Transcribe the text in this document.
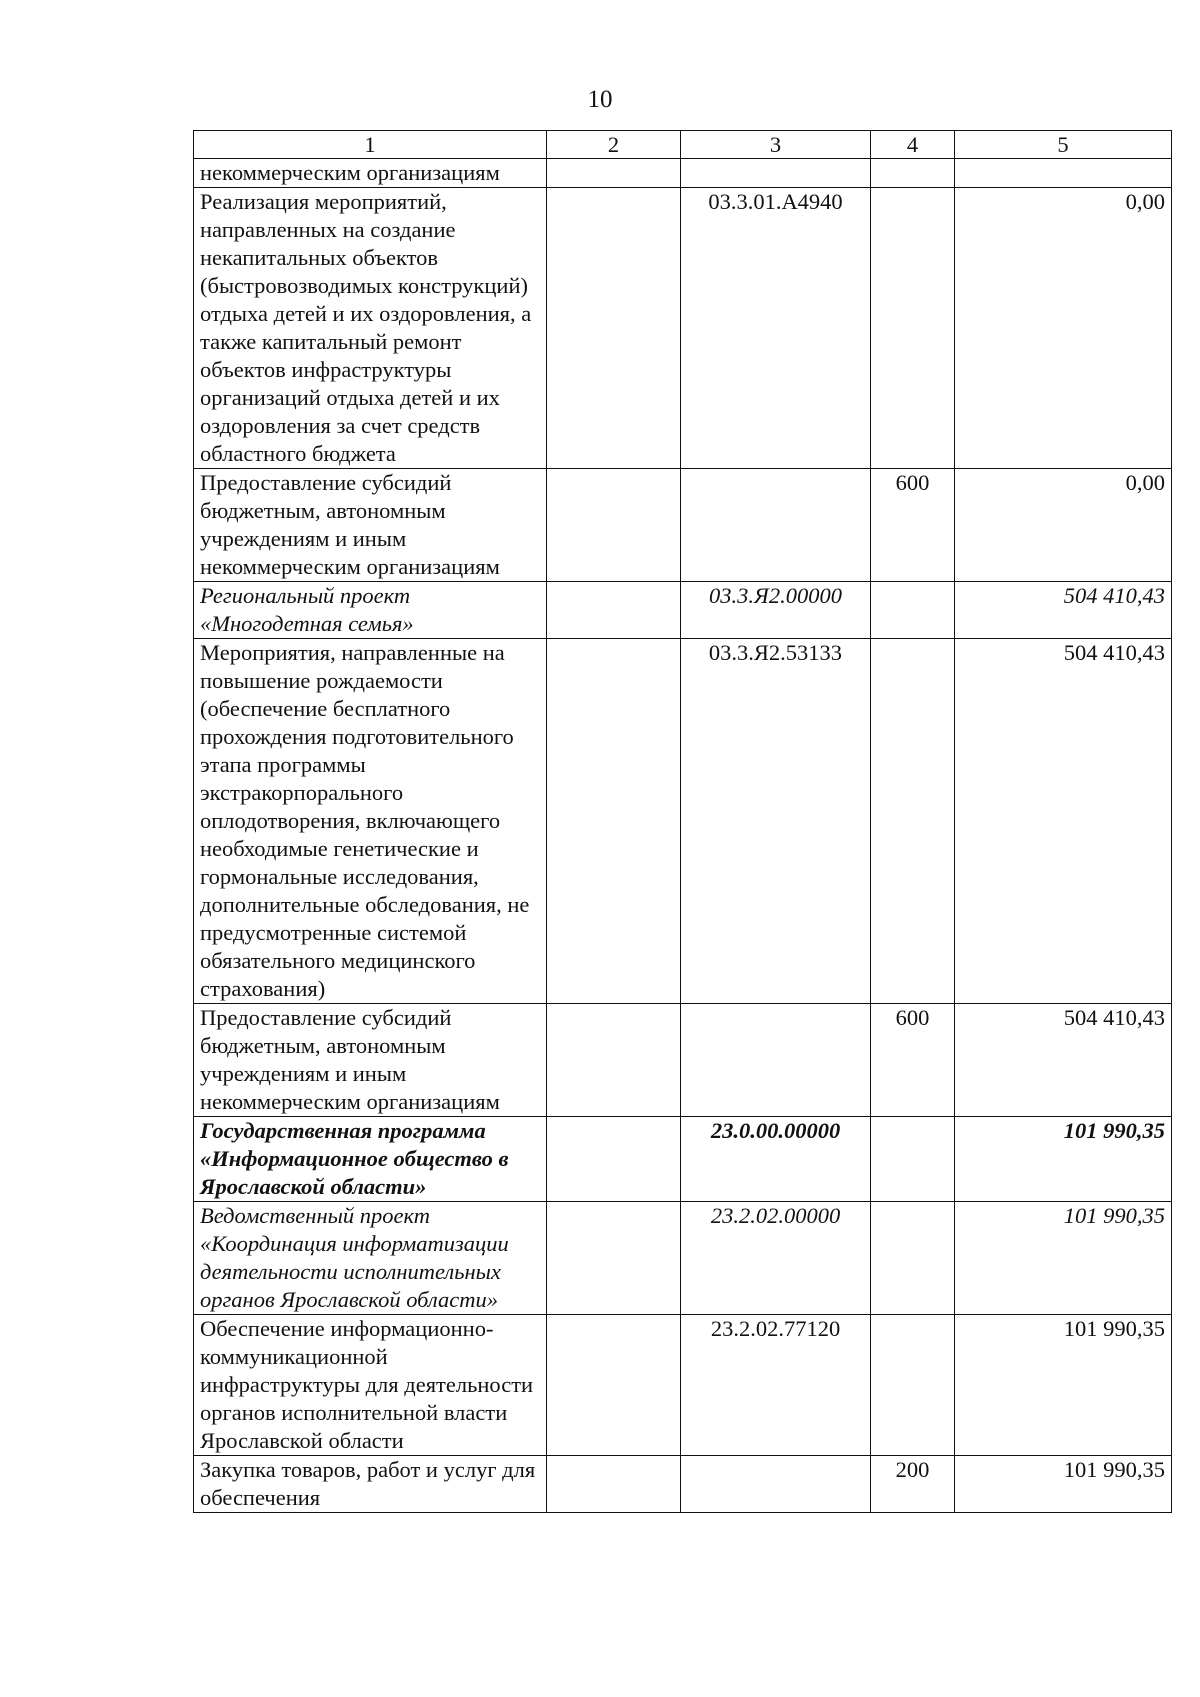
10
1	2	3	4	5
некоммерческим организациям				
Реализация мероприятий, направленных на создание некапитальных объектов (быстровозводимых конструкций) отдыха детей и их оздоровления, а также капитальный ремонт объектов инфраструктуры организаций отдыха детей и их оздоровления за счет средств областного бюджета		03.3.01.А4940		0,00
Предоставление субсидий бюджетным, автономным учреждениям и иным некоммерческим организациям			600	0,00
Региональный проект «Многодетная семья»		03.3.Я2.00000		504 410,43
Мероприятия, направленные на повышение рождаемости (обеспечение бесплатного прохождения подготовительного этапа программы экстракорпорального оплодотворения, включающего необходимые генетические и гормональные исследования, дополнительные обследования, не предусмотренные системой обязательного медицинского страхования)		03.3.Я2.53133		504 410,43
Предоставление субсидий бюджетным, автономным учреждениям и иным некоммерческим организациям			600	504 410,43
Государственная программа «Информационное общество в Ярославской области»		23.0.00.00000		101 990,35
Ведомственный проект «Координация информатизации деятельности исполнительных органов Ярославской области»		23.2.02.00000		101 990,35
Обеспечение информационно-коммуникационной инфраструктуры для деятельности органов исполнительной власти Ярославской области		23.2.02.77120		101 990,35
Закупка товаров, работ и услуг для обеспечения			200	101 990,35
